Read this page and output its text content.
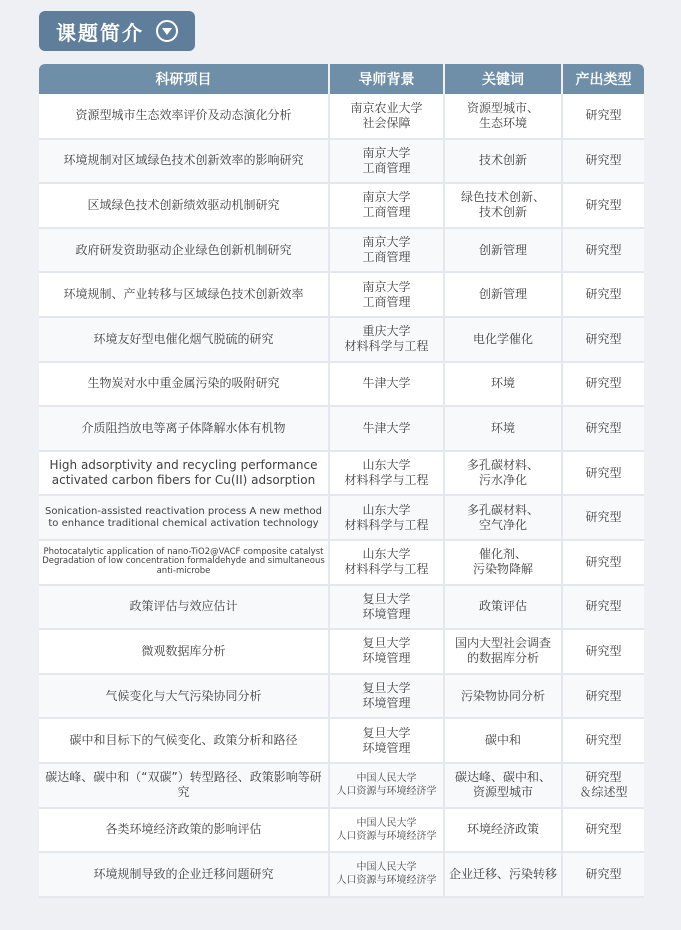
课题简介
科研项目	导师背景	关键词	产出类型
资源型城市生态效率评价及动态演化分析	南京农业大学
社会保障	资源型城市、
生态环境	研究型

环境规制对区域绿色技术创新效率的影响研究	南京大学
工商管理	技术创新	研究型

区域绿色技术创新绩效驱动机制研究	南京大学
工商管理	绿色技术创新、
技术创新	研究型

政府研发资助驱动企业绿色创新机制研究	南京大学
工商管理	创新管理	研究型

环境规制、产业转移与区域绿色技术创新效率	南京大学
工商管理	创新管理	研究型

环境友好型电催化烟气脱硫的研究	重庆大学
材料科学与工程	电化学催化	研究型

生物炭对水中重金属污染的吸附研究	牛津大学	环境	研究型

介质阻挡放电等离子体降解水体有机物	牛津大学	环境	研究型

High adsorptivity and recycling performance activated carbon fibers for Cu(II) adsorption	山东大学
材料科学与工程	多孔碳材料、
污水净化	研究型

Sonication-assisted reactivation process A new method to enhance traditional chemical activation technology	山东大学
材料科学与工程	多孔碳材料、
空气净化	研究型

Photocatalytic application of nano-TiO2@VACF composite catalyst Degradation of low concentration formaldehyde and simultaneous anti-microbe	山东大学
材料科学与工程	催化剂、
污染物降解	研究型

政策评估与效应估计	复旦大学
环境管理	政策评估	研究型

微观数据库分析	复旦大学
环境管理	国内大型社会调查
的数据库分析	研究型

气候变化与大气污染协同分析	复旦大学
环境管理	污染物协同分析	研究型

碳中和目标下的气候变化、政策分析和路径	复旦大学
环境管理	碳中和	研究型

碳达峰、碳中和（“双碳”）转型路径、政策影响等研究	中国人民大学
人口资源与环境经济学	碳达峰、碳中和、
资源型城市	研究型
＆综述型

各类环境经济政策的影响评估	中国人民大学
人口资源与环境经济学	环境经济政策	研究型

环境规制导致的企业迁移问题研究	中国人民大学
人口资源与环境经济学	企业迁移、污染转移	研究型
